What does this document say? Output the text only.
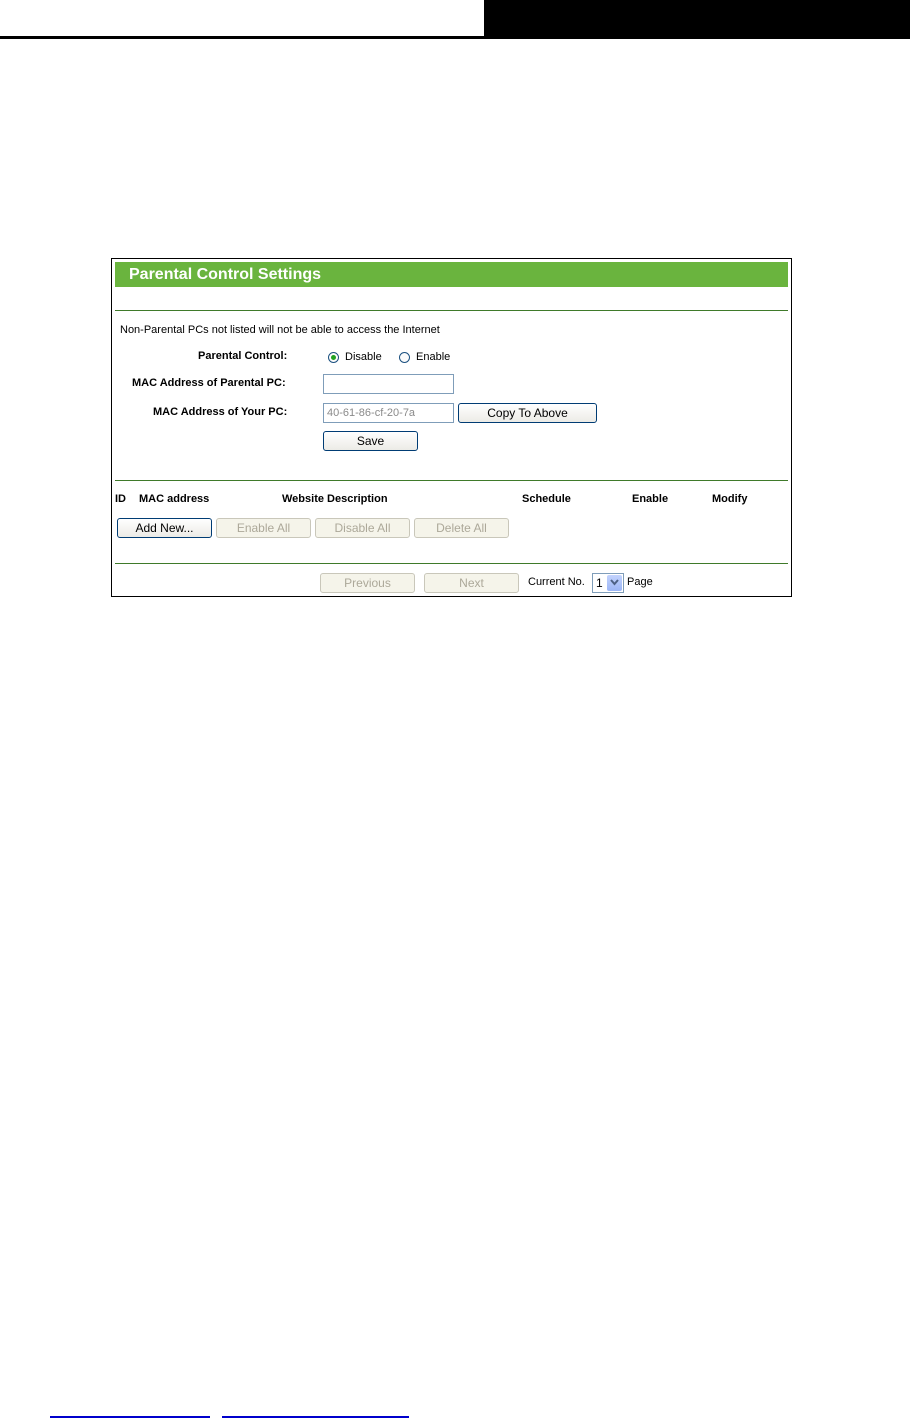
Parental Control Settings
Non-Parental PCs not listed will not be able to access the Internet
Parental Control:	Disable	Enable
MAC Address of Parental PC:
MAC Address of Your PC:	40-61-86-cf-20-7a	Copy To Above
Save
ID MAC address	Website Description	Schedule	Enable	Modify
Add New...	Enable All	Disable All	Delete All
Previous	Next	Current No. 1 Page
